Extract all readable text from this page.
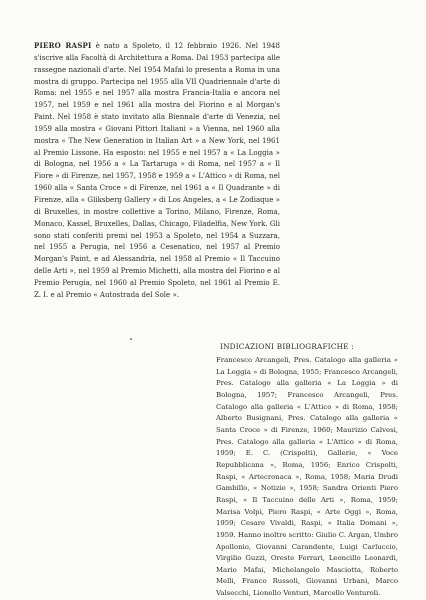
PIERO RASPI è nato a Spoleto, il 12 febbraio 1926. Nel 1948 s'iscrive alla Facoltà di Architettura a Roma. Dal 1953 partecipa alle rassegne nazionali d'arte. Nel 1954 Mafai lo presenta a Roma in una mostra di gruppo. Partecipa nel 1955 alla VII Quadriennale d'arte di Roma: nel 1955 e nel 1957 alla mostra Francia-Italia e ancora nel 1957, nel 1959 e nel 1961 alla mostra del Fiorino e al Morgan's Paint. Nel 1958 è stato invitato alla Biennale d'arte di Venezia, nel 1959 alla mostra « Giovani Pittori Italiani » a Vienna, nel 1960 alla mostra « The New Generation in Italian Art » a New York, nel 1961 al Premio Lissone. Ha esposto: nel 1955 e nel 1957 a « La Loggia » di Bologna, nel 1956 a « La Tartaruga » di Roma, nel 1957 a « Il Fiore » di Firenze, nel 1957, 1958 e 1959 a « L'Attico » di Roma, nel 1960 alla « Santa Croce » di Firenze, nel 1961 a « Il Quadrante » di Firenze, alla « Gliksberg Gallery » di Los Angeles, a « Le Zodiaque » di Bruxelles, in mostre collettive a Torino, Milano, Firenze, Roma, Monaco, Kassel, Bruxelles, Dallas, Chicago, Filadelfia, New York. Gli sono stati conferiti premi nel 1953 a Spoleto, nel 1954 a Suzzara, nel 1955 a Perugia, nel 1956 a Cesenatico, nel 1957 al Premio Morgan's Paint, e ad Alessandria, nel 1958 al Premio « Il Taccuino delle Arti », nel 1959 al Premio Michetti, alla mostra del Fiorino e al Premio Perugia, nel 1960 al Premio Spoleto, nel 1961 al Premio E. Z. I. e al Premio « Autostrada del Sole ».
INDICAZIONI BIBLIOGRAFICHE :
Francesco Arcangeli, Pres. Catalogo alla galleria « La Loggia » di Bologna, 1955; Francesco Arcangeli, Pres. Catalogo alla galleria « La Loggia » di Bologna, 1957; Francesco Arcangeli, Pres. Catalogo alla galleria « L'Attico » di Roma, 1958; Alberto Busignani, Pres. Catalogo alla galleria « Santa Croce » di Firenze, 1960; Maurizio Calvesi, Pres. Catalogo alla galleria « L'Attico » di Roma, 1959; E. C. (Crispolti), Gallerie, « Voce Repubblicana », Roma, 1956; Enrico Crispolti, Raspi, « Artecronaca », Roma, 1958; Maria Drudi Gambillo, « Notizie », 1958; Sandra Orienti Piero Raspi, « Il Taccuino delle Arti », Roma, 1959; Marisa Volpi, Piero Raspi, « Arte Oggi », Roma, 1959; Cesare Vivaldi, Raspi, « Italia Domani », 1959. Hanno inoltre scritto: Giulio C. Argan, Umbro Apollonio, Giovanni Carandente, Luigi Carluccio, Virgilio Guzzi, Oreste Ferrari, Leoncillo Leonardi, Mario Mafai, Michelangelo Masciotta, Roberto Melli, Franco Russoli, Giovanni Urbani, Marco Valsecchi, Lionello Venturi, Marcello Venturoli.
